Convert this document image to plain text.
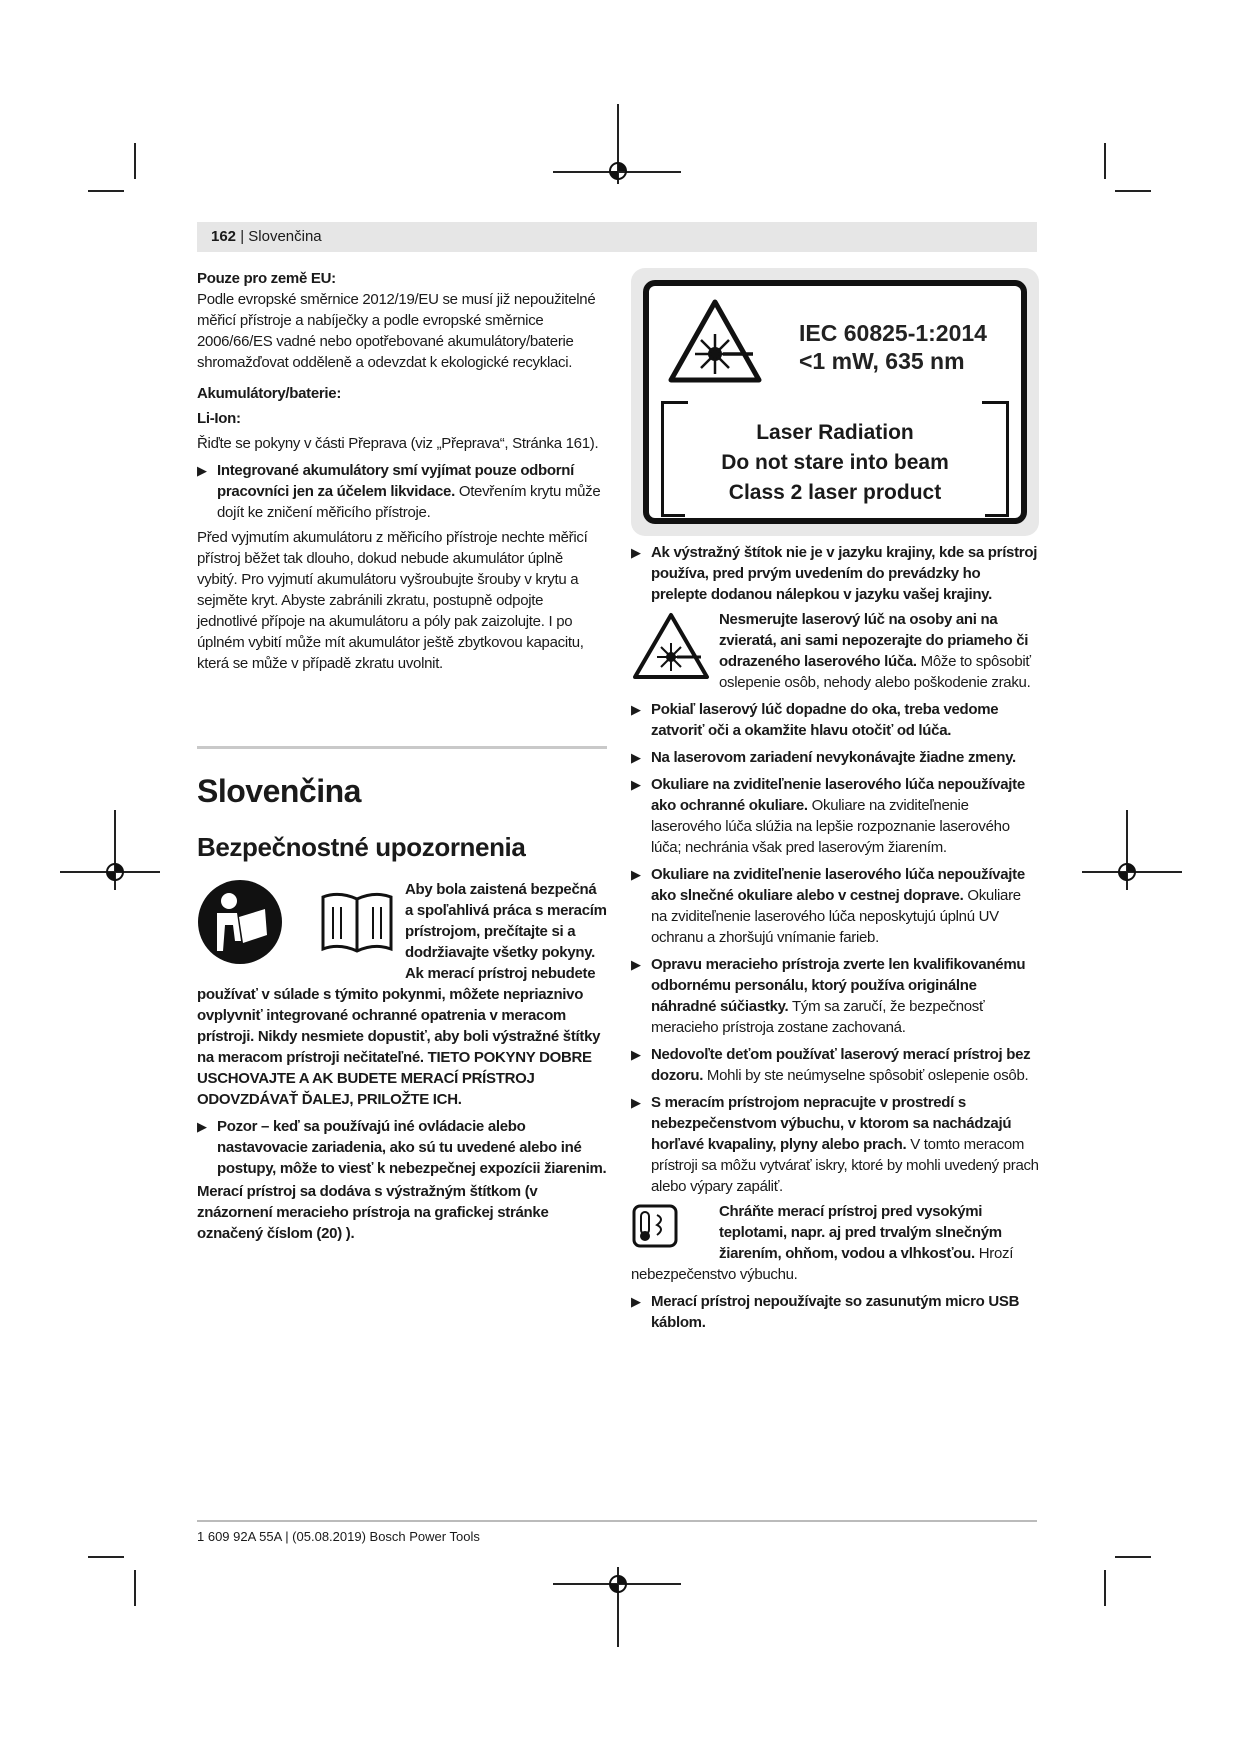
162 | Slovenčina

Pouze pro země EU:

Podle evropské směrnice 2012/19/EU se musí již nepoužitelné měřicí přístroje a nabíječky a podle evropské směrnice 2006/66/ES vadné nebo opotřebované akumulátory/baterie shromažďovat odděleně a odevzdat k ekologické recyklaci.

Akumulátory/baterie:

Li-Ion:

Řiďte se pokyny v části Přeprava (viz „Přeprava“, Stránka 161).

▶ Integrované akumulátory smí vyjímat pouze odborní pracovníci jen za účelem likvidace. Otevřením krytu může dojít ke zničení měřicího přístroje.

Před vyjmutím akumulátoru z měřicího přístroje nechte měřicí přístroj běžet tak dlouho, dokud nebude akumulátor úplně vybitý. Pro vyjmutí akumulátoru vyšroubujte šrouby v krytu a sejměte kryt. Abyste zabránili zkratu, postupně odpojte jednotlivé přípoje na akumulátoru a póly pak zaizolujte. I po úplném vybití může mít akumulátor ještě zbytkovou kapacitu, která se může v případě zkratu uvolnit.

Slovenčina
Bezpečnostné upozornenia

Aby bola zaistená bezpečná a spoľahlivá práca s meracím prístrojom, prečítajte si a dodržiavajte všetky pokyny. Ak merací prístroj nebudete používať v súlade s týmito pokynmi, môžete nepriaznivo ovplyvniť integrované ochranné opatrenia v meracom prístroji. Nikdy nesmiete dopustiť, aby boli výstražné štítky na meracom prístroji nečitateľné. TIETO POKYNY DOBRE USCHOVAJTE A AK BUDETE MERACÍ PRÍSTROJ ODOVZDÁVAŤ ĎALEJ, PRILOŽTE ICH.

▶ Pozor – keď sa používajú iné ovládacie alebo nastavovacie zariadenia, ako sú tu uvedené alebo iné postupy, môže to viesť k nebezpečnej expozícii žiarenim.

Merací prístroj sa dodáva s výstražným štítkom (v znázornení meracieho prístroja na grafickej stránke označený číslom (20) ).

IEC 60825-1:2014
<1 mW, 635 nm
Laser Radiation
Do not stare into beam
Class 2 laser product
▶ Ak výstražný štítok nie je v jazyku krajiny, kde sa prístroj používa, pred prvým uvedením do prevádzky ho prelepte dodanou nálepkou v jazyku vašej krajiny.

Nesmerujte laserový lúč na osoby ani na zvieratá, ani sami nepozerajte do priameho či odrazeného laserového lúča. Môže to spôsobiť oslepenie osôb, nehody alebo poškodenie zraku.

▶ Pokiaľ laserový lúč dopadne do oka, treba vedome zatvoriť oči a okamžite hlavu otočiť od lúča.
▶ Na laserovom zariadení nevykonávajte žiadne zmeny.
▶ Okuliare na zviditeľnenie laserového lúča nepoužívajte ako ochranné okuliare. Okuliare na zviditeľnenie laserového lúča slúžia na lepšie rozpoznanie laserového lúča; nechránia však pred laserovým žiarením.
▶ Okuliare na zviditeľnenie laserového lúča nepoužívajte ako slnečné okuliare alebo v cestnej doprave. Okuliare na zviditeľnenie laserového lúča neposkytujú úplnú UV ochranu a zhoršujú vnímanie farieb.
▶ Opravu meracieho prístroja zverte len kvalifikovanému odbornému personálu, ktorý používa originálne náhradné súčiastky. Tým sa zaručí, že bezpečnosť meracieho prístroja zostane zachovaná.
▶ Nedovoľte deťom používať laserový merací prístroj bez dozoru. Mohli by ste neúmyselne spôsobiť oslepenie osôb.
▶ S meracím prístrojom nepracujte v prostredí s nebezpečenstvom výbuchu, v ktorom sa nachádzajú horľavé kvapaliny, plyny alebo prach. V tomto meracom prístroji sa môžu vytvárať iskry, ktoré by mohli uvedený prach alebo výpary zapáliť.

Chráňte merací prístroj pred vysokými teplotami, napr. aj pred trvalým slnečným žiarením, ohňom, vodou a vlhkosťou. Hrozí nebezpečenstvo výbuchu.

▶ Merací prístroj nepoužívajte so zasunutým micro USB káblom.
1 609 92A 55A | (05.08.2019) Bosch Power Tools
